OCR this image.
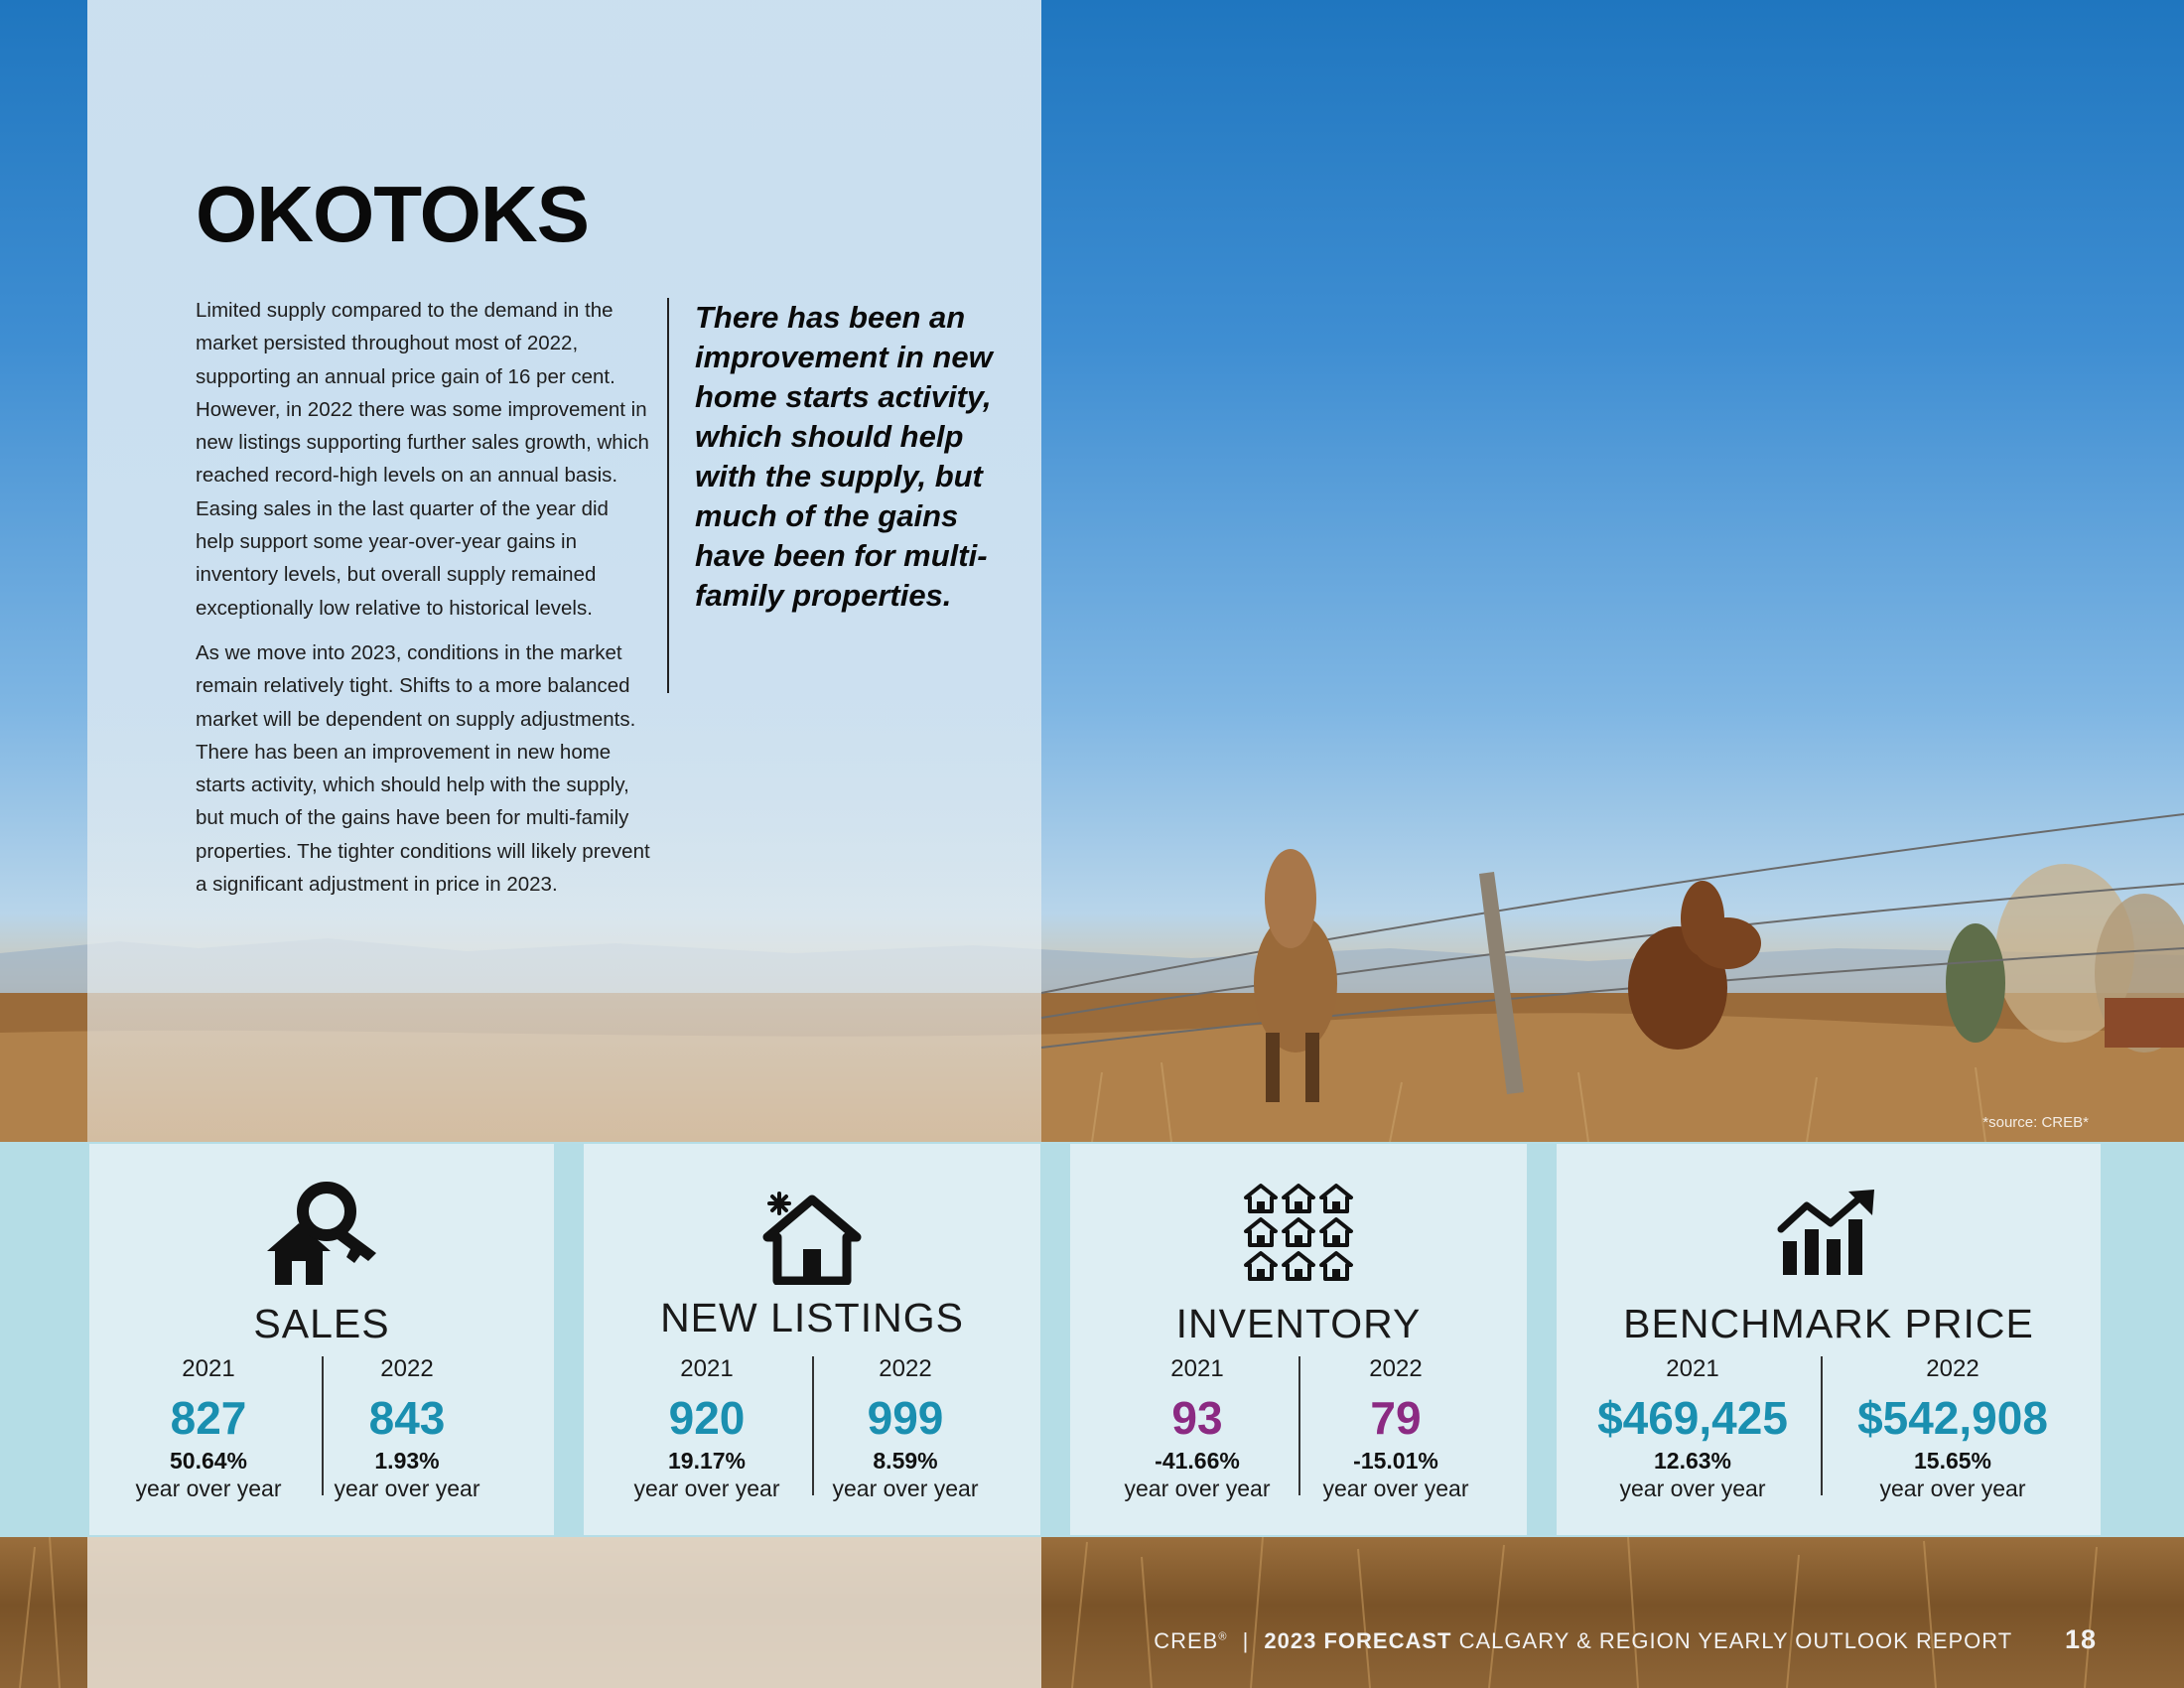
OKOTOKS

Limited supply compared to the demand in the market persisted throughout most of 2022, supporting an annual price gain of 16 per cent. However, in 2022 there was some improvement in new listings supporting further sales growth, which reached record-high levels on an annual basis. Easing sales in the last quarter of the year did help support some year-over-year gains in inventory levels, but overall supply remained exceptionally low relative to historical levels.

As we move into 2023, conditions in the market remain relatively tight. Shifts to a more balanced market will be dependent on supply adjustments. There has been an improvement in new home starts activity, which should help with the supply, but much of the gains have been for multi-family properties. The tighter conditions will likely prevent a significant adjustment in price in 2023.

There has been an improvement in new home starts activity, which should help with the supply, but much of the gains have been for multi-family properties.
*source: CREB*
SALES
2021
827
50.64%
year over year
2022
843
1.93%
year over year
NEW LISTINGS
2021
920
19.17%
year over year
2022
999
8.59%
year over year
INVENTORY
2021
93
-41.66%
year over year
2022
79
-15.01%
year over year
BENCHMARK PRICE
2021
$469,425
12.63%
year over year
2022
$542,908
15.65%
year over year
CREB® | 2023 FORECAST CALGARY & REGION YEARLY OUTLOOK REPORT 18
